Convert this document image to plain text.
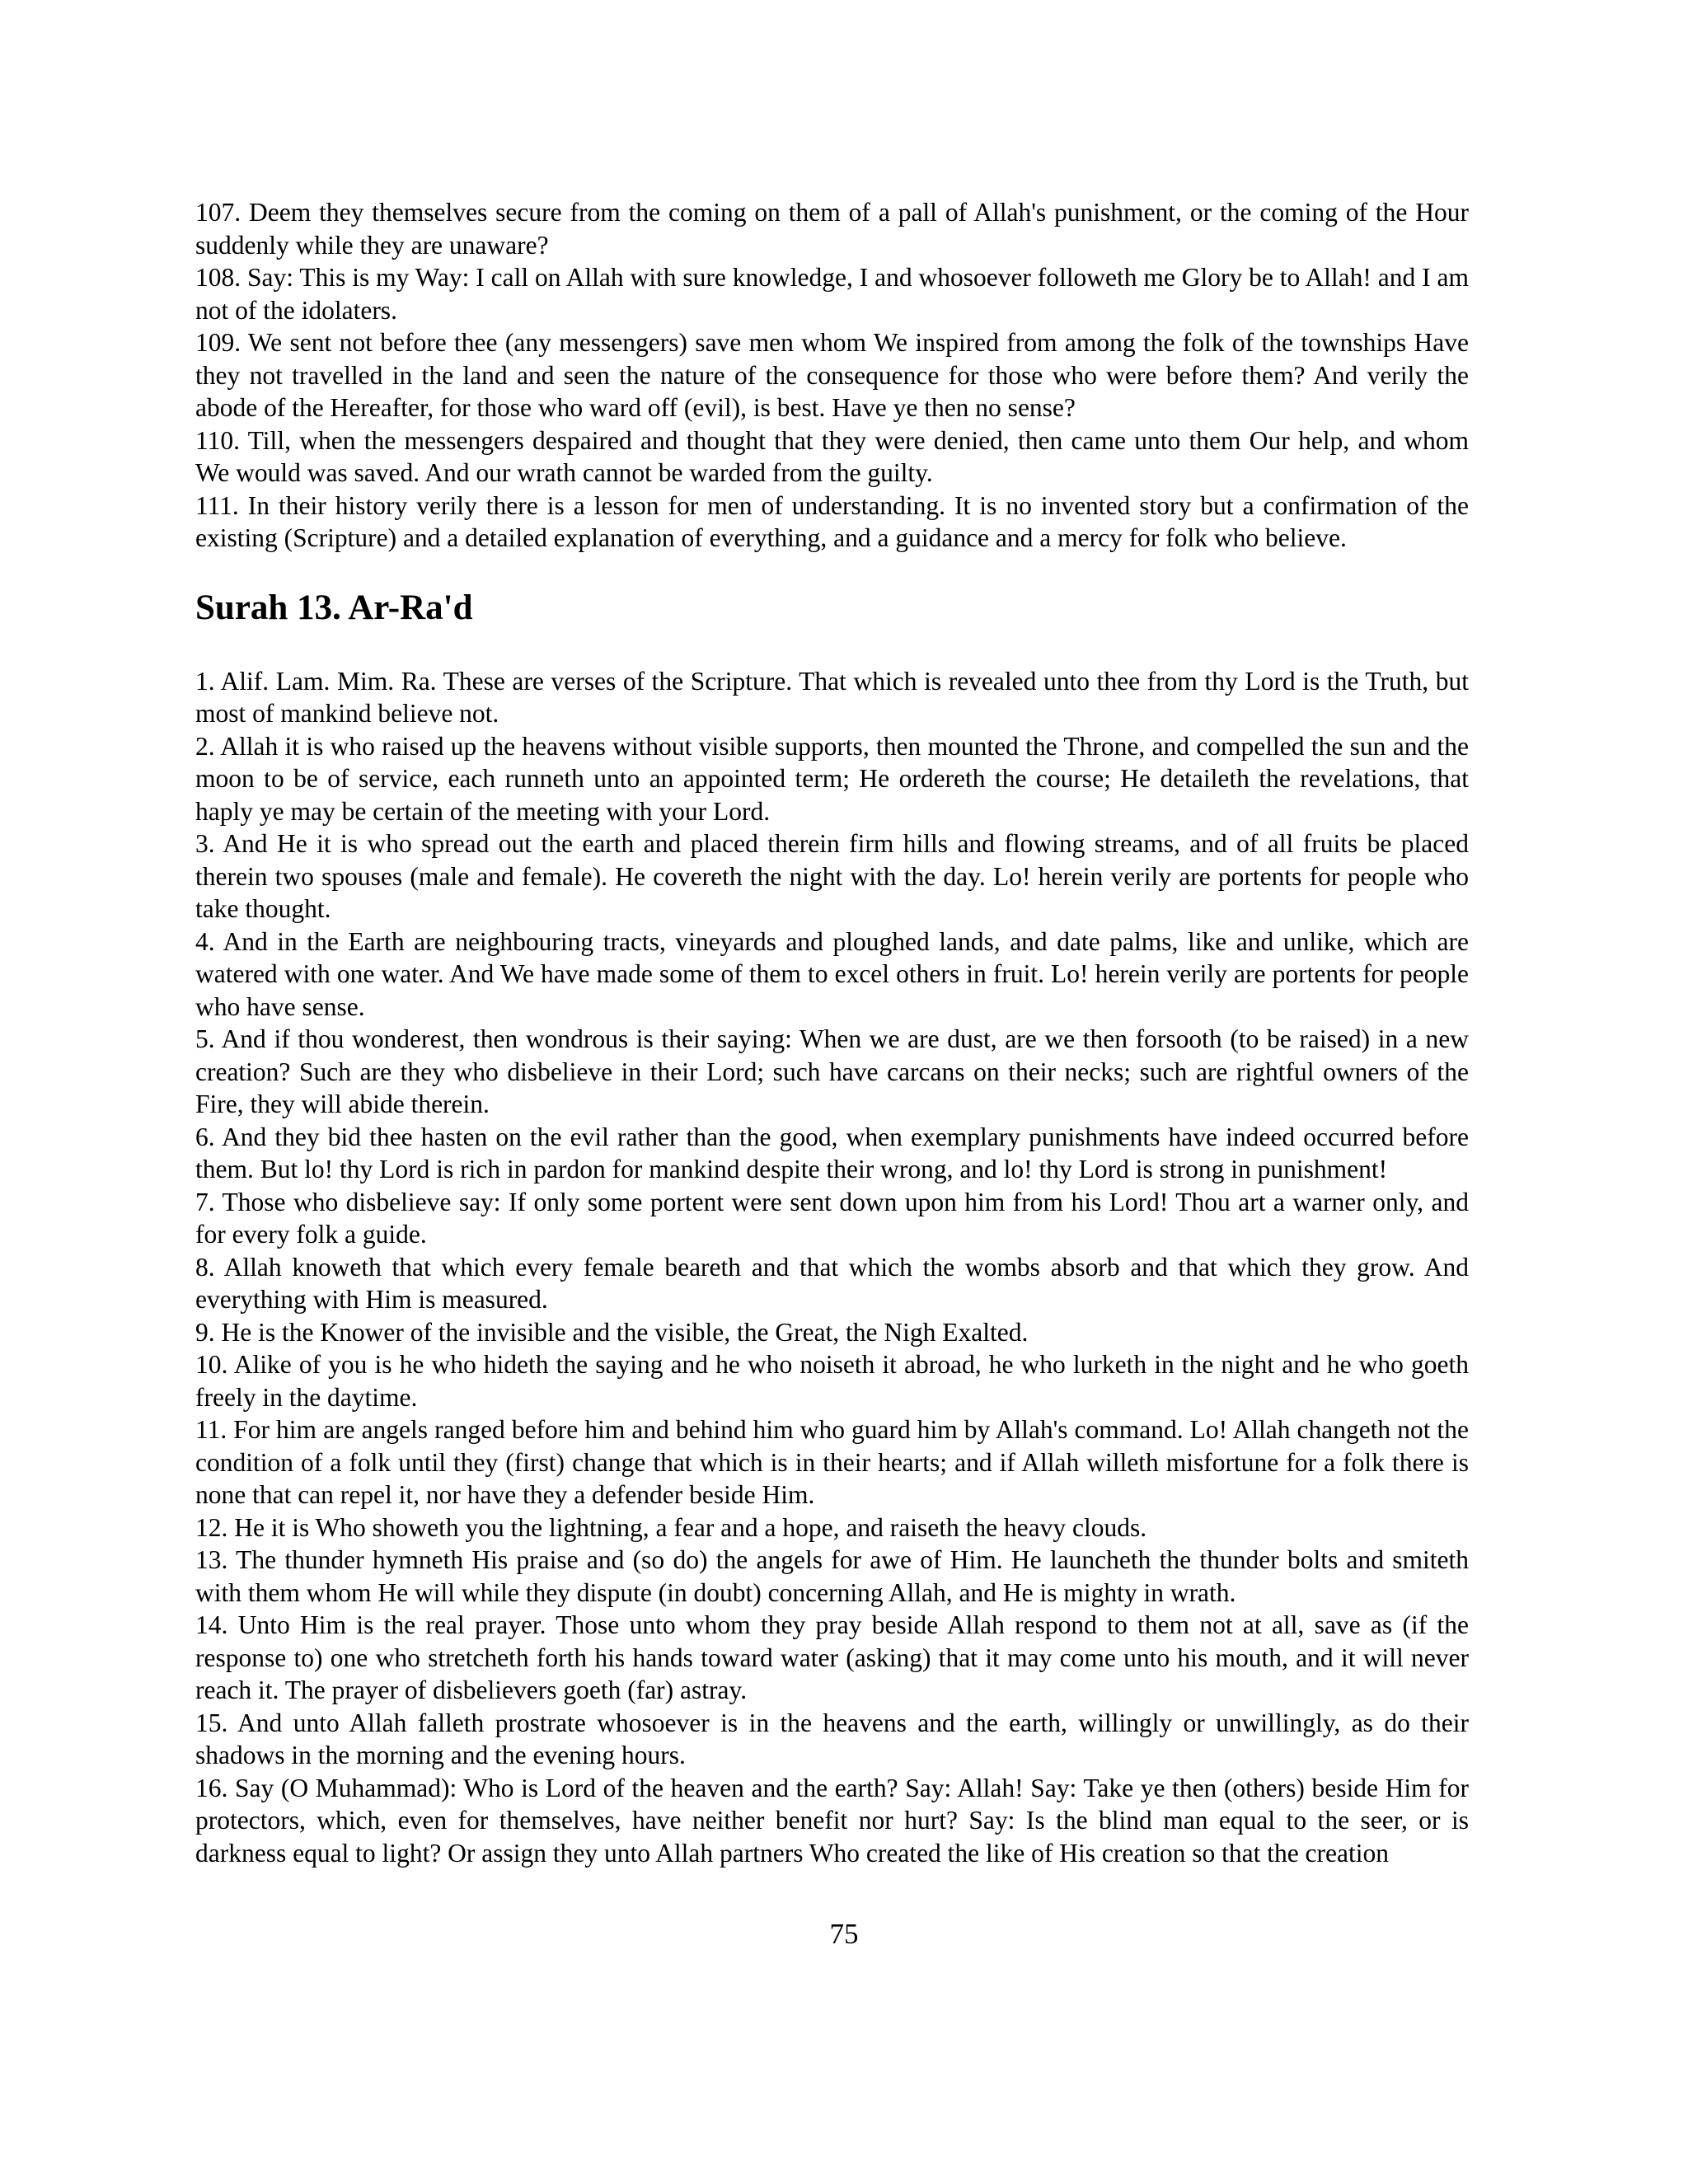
107. Deem they themselves secure from the coming on them of a pall of Allah's punishment, or the coming of the Hour suddenly while they are unaware?

108. Say: This is my Way: I call on Allah with sure knowledge, I and whosoever followeth me Glory be to Allah! and I am not of the idolaters.

109. We sent not before thee (any messengers) save men whom We inspired from among the folk of the townships Have they not travelled in the land and seen the nature of the consequence for those who were before them? And verily the abode of the Hereafter, for those who ward off (evil), is best. Have ye then no sense?

110. Till, when the messengers despaired and thought that they were denied, then came unto them Our help, and whom We would was saved. And our wrath cannot be warded from the guilty.

111. In their history verily there is a lesson for men of understanding. It is no invented story but a confirmation of the existing (Scripture) and a detailed explanation of everything, and a guidance and a mercy for folk who believe.

Surah 13. Ar-Ra'd

1. Alif. Lam. Mim. Ra. These are verses of the Scripture. That which is revealed unto thee from thy Lord is the Truth, but most of mankind believe not.

2. Allah it is who raised up the heavens without visible supports, then mounted the Throne, and compelled the sun and the moon to be of service, each runneth unto an appointed term; He ordereth the course; He detaileth the revelations, that haply ye may be certain of the meeting with your Lord.

3. And He it is who spread out the earth and placed therein firm hills and flowing streams, and of all fruits be placed therein two spouses (male and female). He covereth the night with the day. Lo! herein verily are portents for people who take thought.

4. And in the Earth are neighbouring tracts, vineyards and ploughed lands, and date palms, like and unlike, which are watered with one water. And We have made some of them to excel others in fruit. Lo! herein verily are portents for people who have sense.

5. And if thou wonderest, then wondrous is their saying: When we are dust, are we then forsooth (to be raised) in a new creation? Such are they who disbelieve in their Lord; such have carcans on their necks; such are rightful owners of the Fire, they will abide therein.

6. And they bid thee hasten on the evil rather than the good, when exemplary punishments have indeed occurred before them. But lo! thy Lord is rich in pardon for mankind despite their wrong, and lo! thy Lord is strong in punishment!

7. Those who disbelieve say: If only some portent were sent down upon him from his Lord! Thou art a warner only, and for every folk a guide.

8. Allah knoweth that which every female beareth and that which the wombs absorb and that which they grow. And everything with Him is measured.

9. He is the Knower of the invisible and the visible, the Great, the Nigh Exalted.

10. Alike of you is he who hideth the saying and he who noiseth it abroad, he who lurketh in the night and he who goeth freely in the daytime.

11. For him are angels ranged before him and behind him who guard him by Allah's command. Lo! Allah changeth not the condition of a folk until they (first) change that which is in their hearts; and if Allah willeth misfortune for a folk there is none that can repel it, nor have they a defender beside Him.

12. He it is Who showeth you the lightning, a fear and a hope, and raiseth the heavy clouds.

13. The thunder hymneth His praise and (so do) the angels for awe of Him. He launcheth the thunder bolts and smiteth with them whom He will while they dispute (in doubt) concerning Allah, and He is mighty in wrath.

14. Unto Him is the real prayer. Those unto whom they pray beside Allah respond to them not at all, save as (if the response to) one who stretcheth forth his hands toward water (asking) that it may come unto his mouth, and it will never reach it. The prayer of disbelievers goeth (far) astray.

15. And unto Allah falleth prostrate whosoever is in the heavens and the earth, willingly or unwillingly, as do their shadows in the morning and the evening hours.

16. Say (O Muhammad): Who is Lord of the heaven and the earth? Say: Allah! Say: Take ye then (others) beside Him for protectors, which, even for themselves, have neither benefit nor hurt? Say: Is the blind man equal to the seer, or is darkness equal to light? Or assign they unto Allah partners Who created the like of His creation so that the creation

75
